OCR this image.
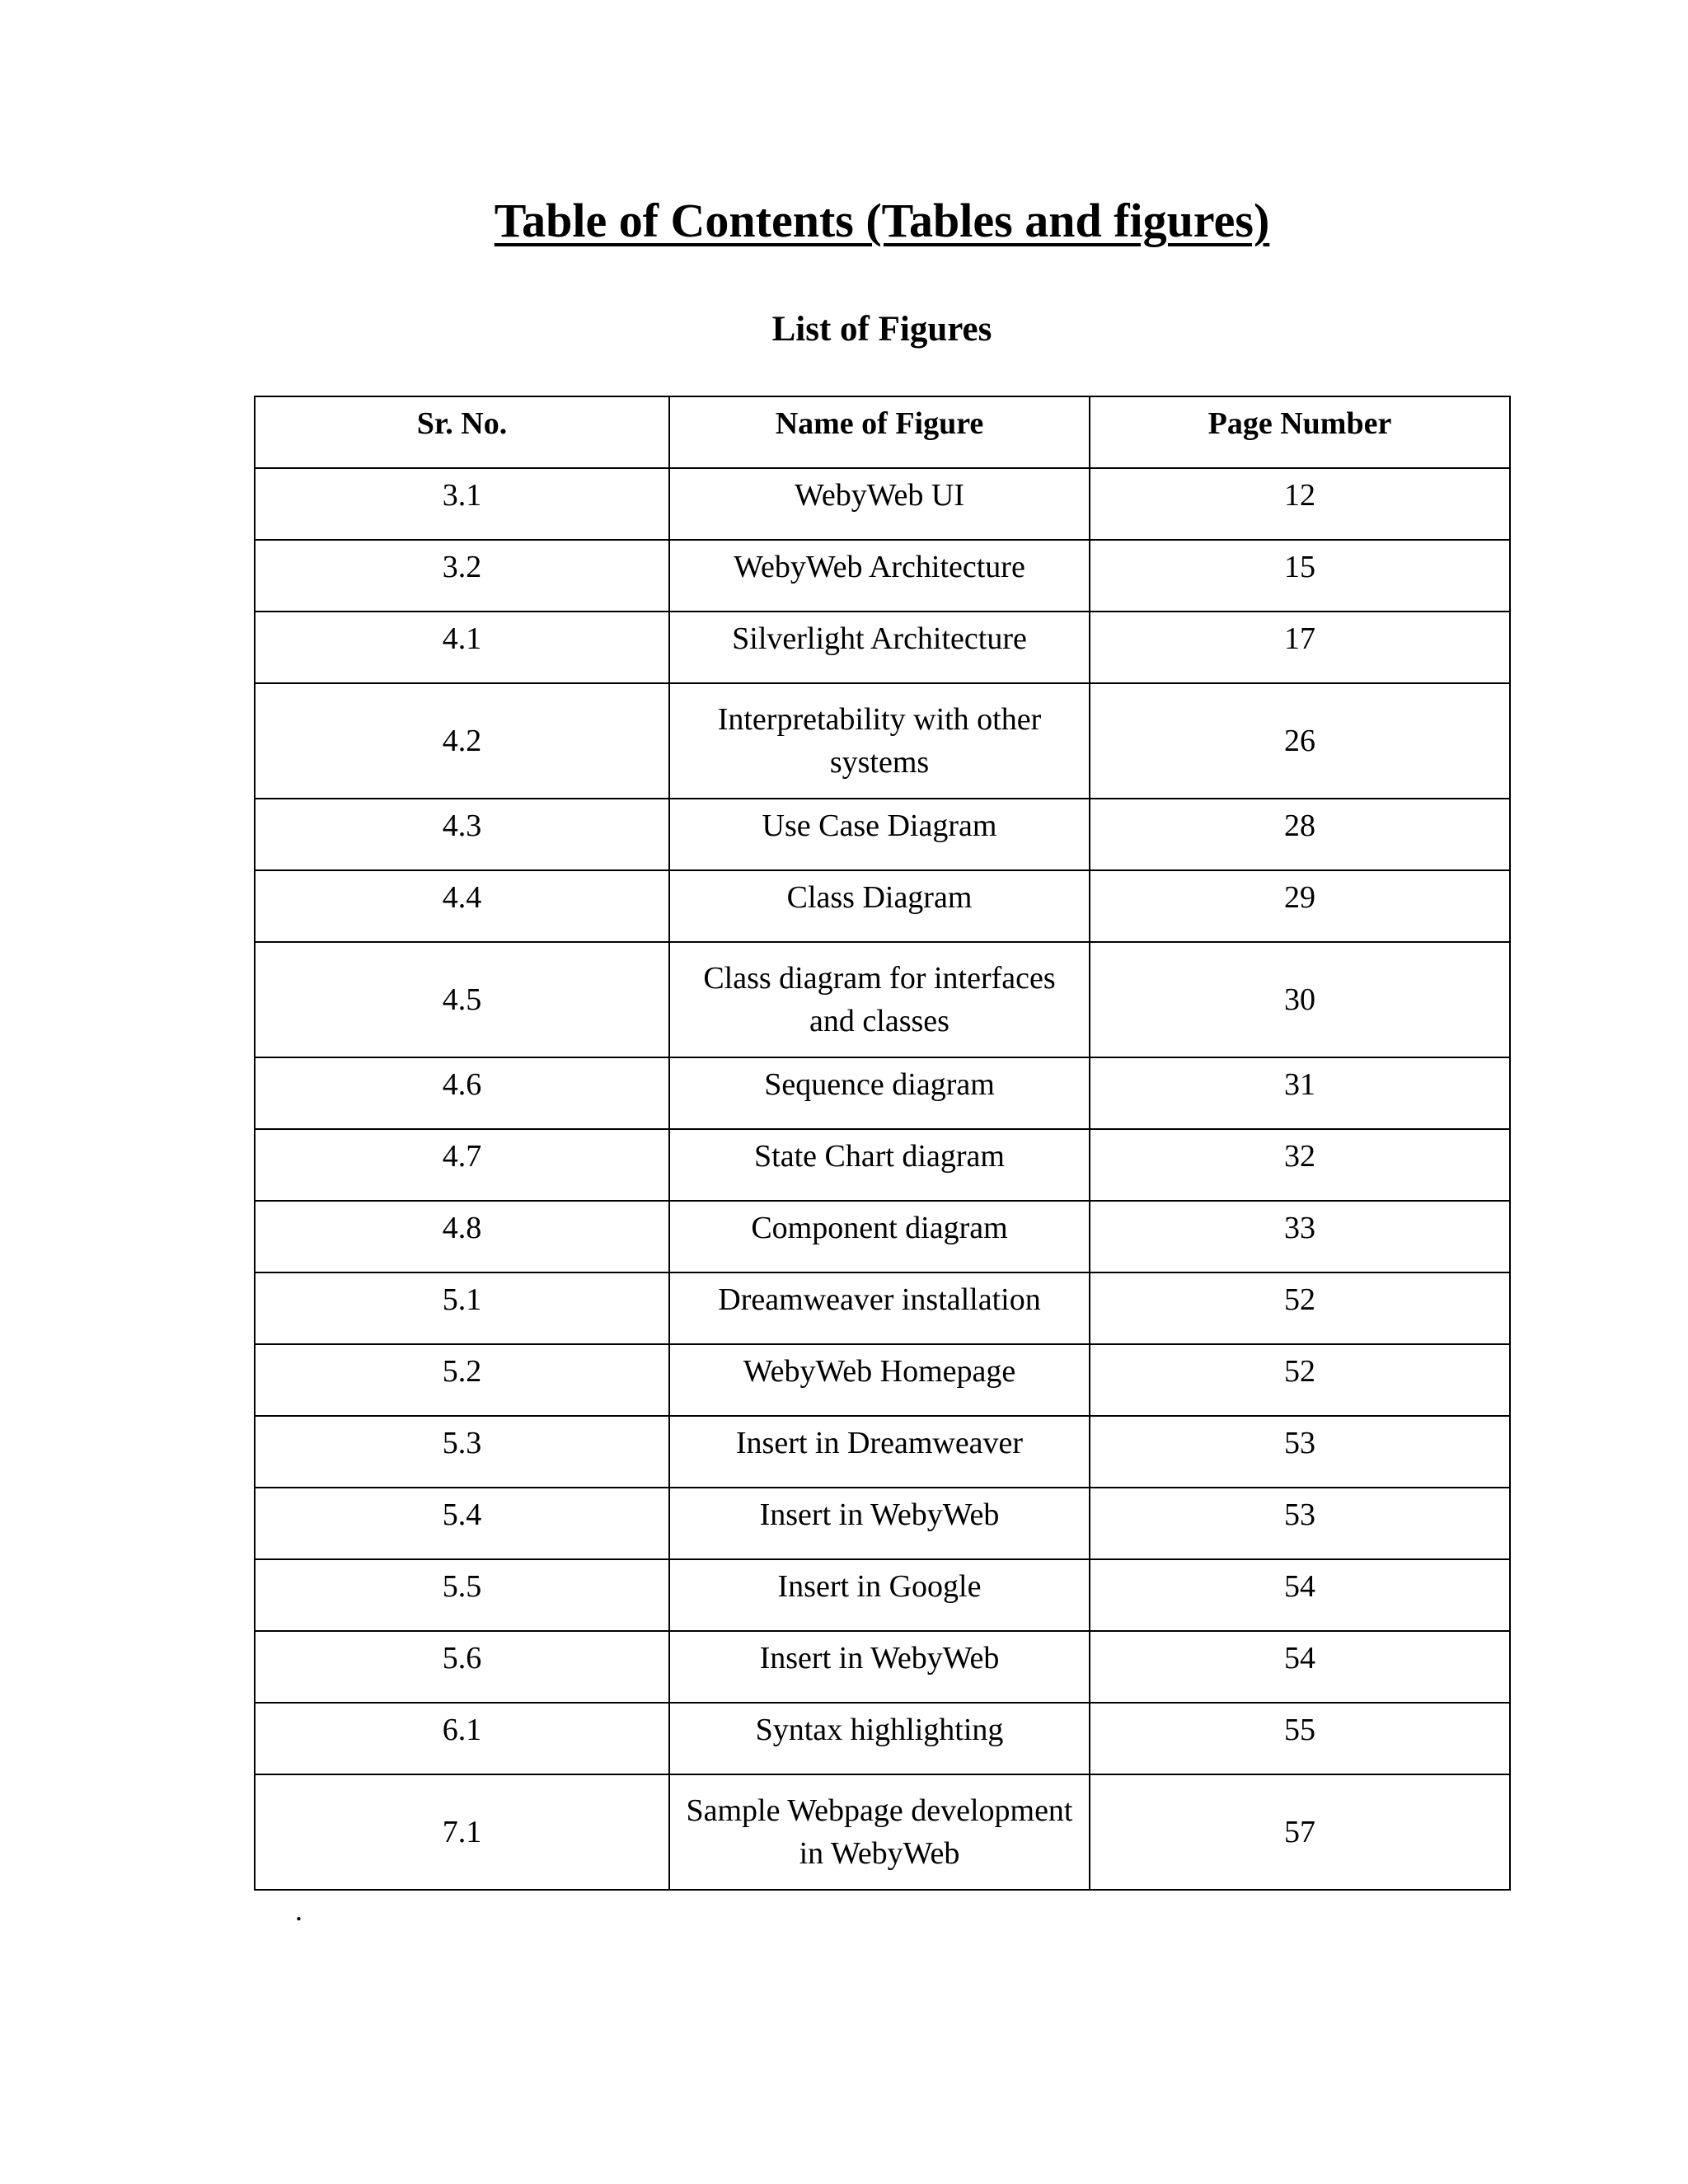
Table of Contents (Tables and figures)
List of Figures
Sr. No.	Name of Figure	Page Number
3.1	WebyWeb UI	12
3.2	WebyWeb Architecture	15
4.1	Silverlight Architecture	17
4.2	Interpretability with other systems	26
4.3	Use Case Diagram	28
4.4	Class Diagram	29
4.5	Class diagram for interfaces and classes	30
4.6	Sequence diagram	31
4.7	State Chart diagram	32
4.8	Component diagram	33
5.1	Dreamweaver installation	52
5.2	WebyWeb Homepage	52
5.3	Insert in Dreamweaver	53
5.4	Insert in WebyWeb	53
5.5	Insert in Google	54
5.6	Insert in WebyWeb	54
6.1	Syntax highlighting	55
7.1	Sample Webpage development in WebyWeb	57
.
